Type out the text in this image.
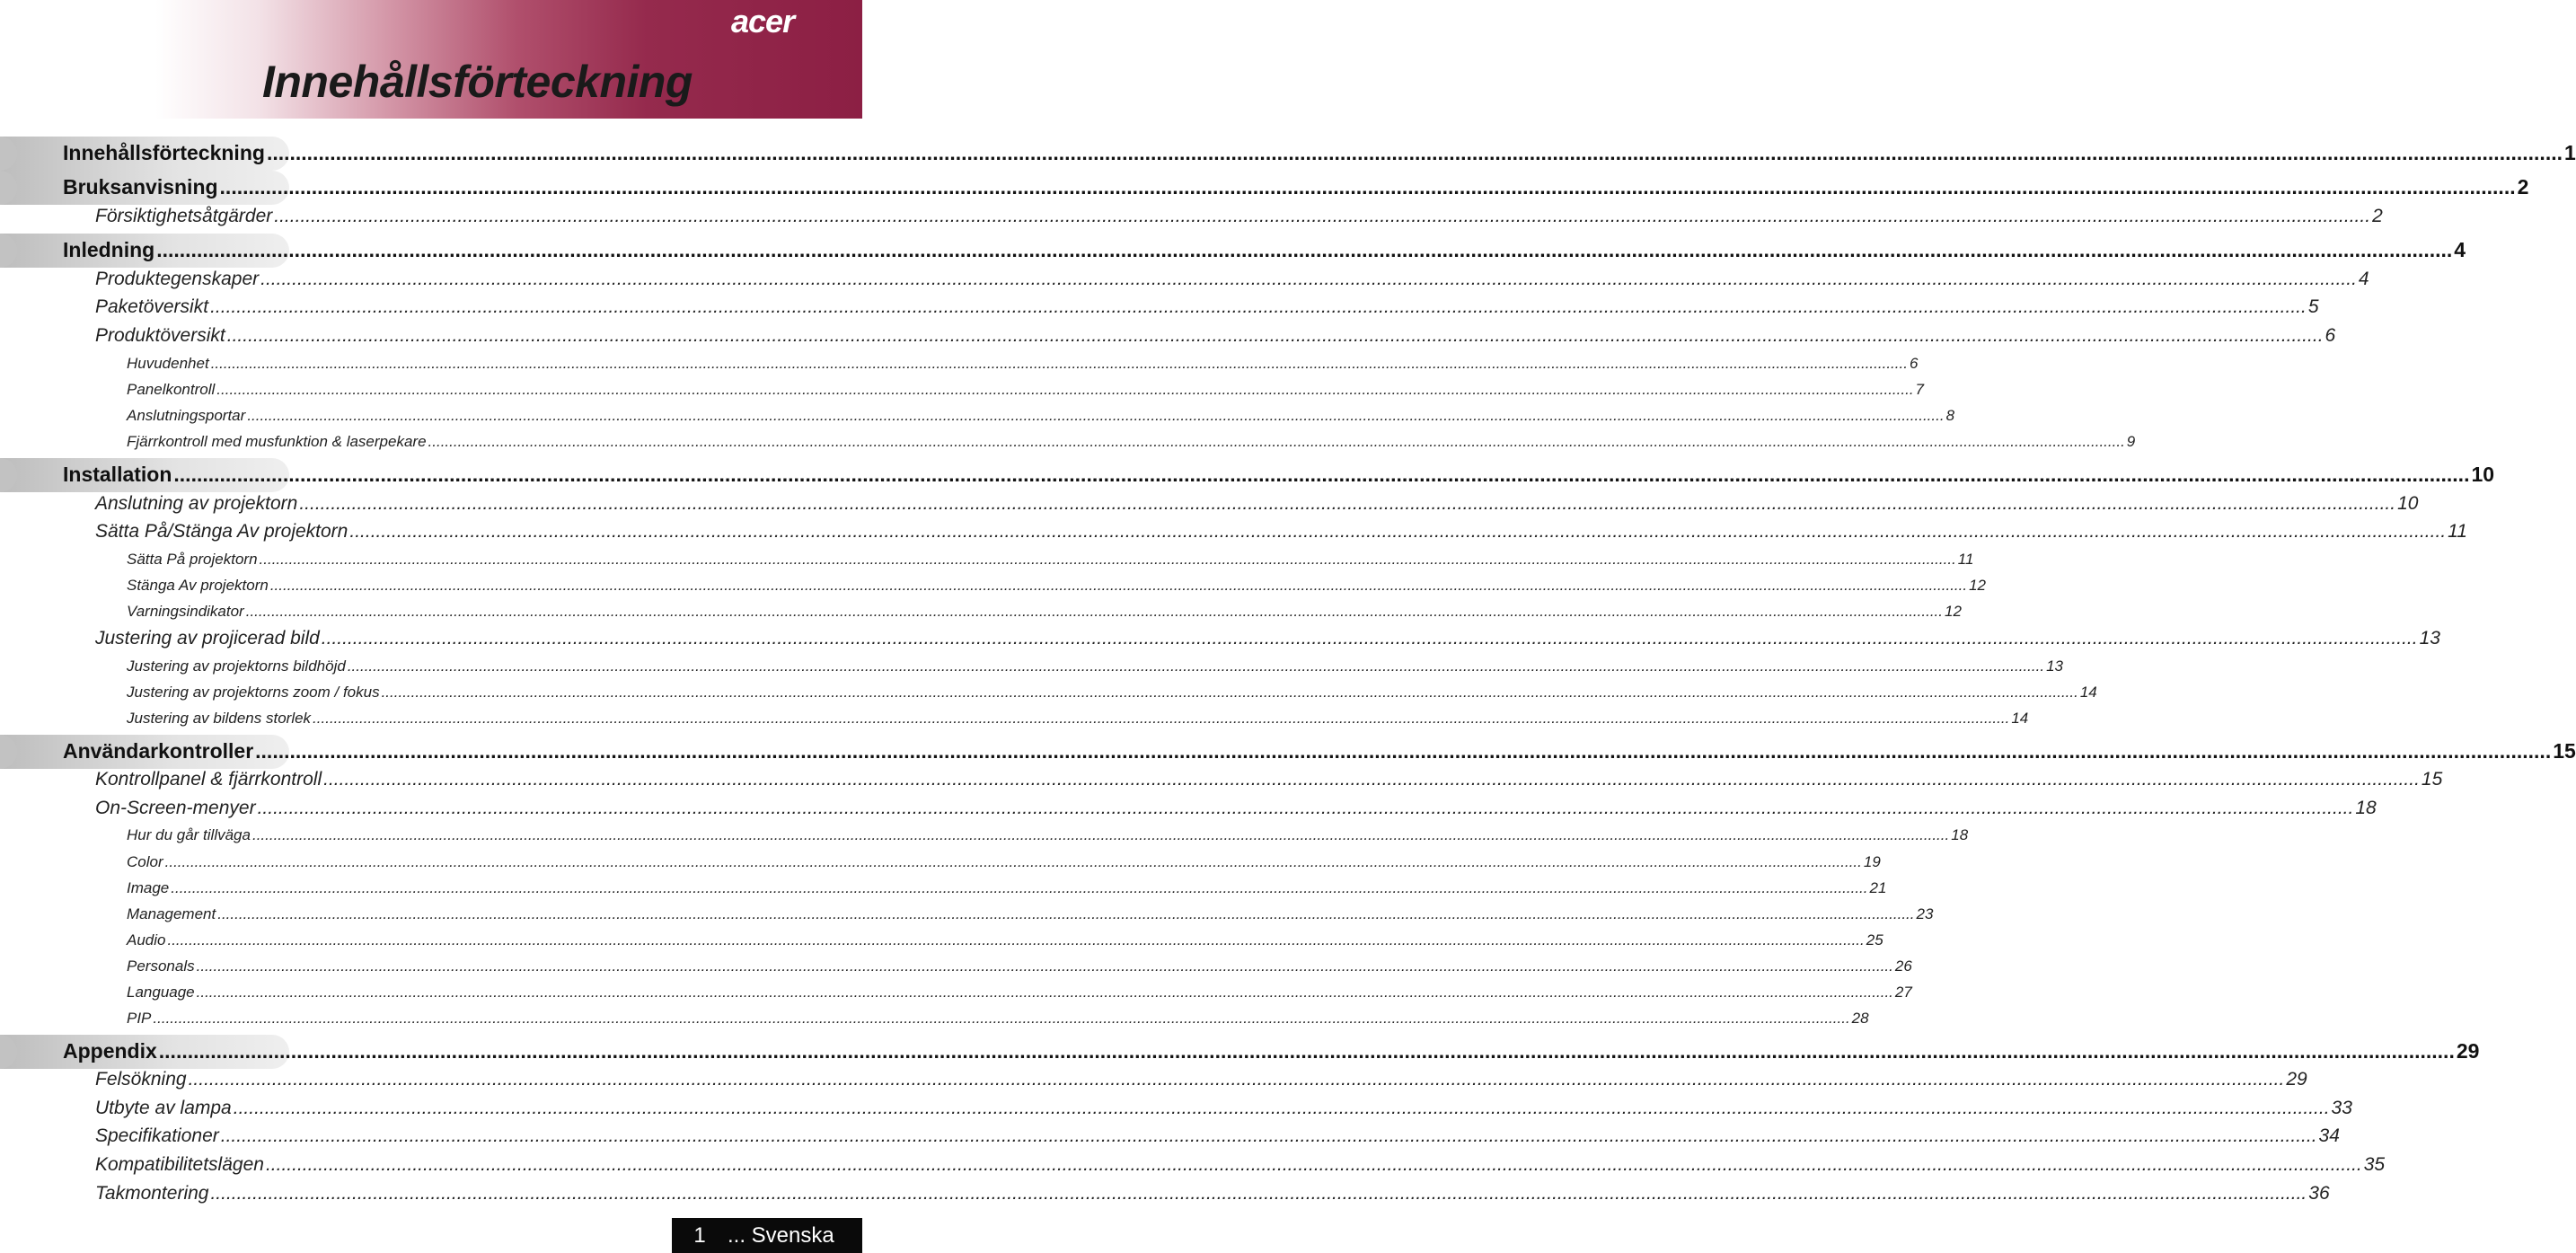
acer
Innehållsförteckning
Innehållsförteckning ................................................................................................................................................................................................................................................................................................................................................................................................................ 1
Bruksanvisning ................................................................................................................................................................................................................................................................................................................................................................................................................ 2
Försiktighetsåtgärder ................................................................................................................................................................................................................................................................................................................................................................................................................ 2
Inledning ................................................................................................................................................................................................................................................................................................................................................................................................................ 4
Produktegenskaper ................................................................................................................................................................................................................................................................................................................................................................................................................ 4
Paketöversikt ................................................................................................................................................................................................................................................................................................................................................................................................................ 5
Produktöversikt ................................................................................................................................................................................................................................................................................................................................................................................................................ 6
Huvudenhet ................................................................................................................................................................................................................................................................................................................................................................................................................ 6
Panelkontroll ................................................................................................................................................................................................................................................................................................................................................................................................................ 7
Anslutningsportar ................................................................................................................................................................................................................................................................................................................................................................................................................ 8
Fjärrkontroll med musfunktion & laserpekare ................................................................................................................................................................................................................................................................................................................................................................................................................ 9
Installation ................................................................................................................................................................................................................................................................................................................................................................................................................ 10
Anslutning av projektorn ................................................................................................................................................................................................................................................................................................................................................................................................................ 10
Sätta På/Stänga Av projektorn ................................................................................................................................................................................................................................................................................................................................................................................................................ 11
Sätta På projektorn ................................................................................................................................................................................................................................................................................................................................................................................................................ 11
Stänga Av projektorn ................................................................................................................................................................................................................................................................................................................................................................................................................ 12
Varningsindikator ................................................................................................................................................................................................................................................................................................................................................................................................................ 12
Justering av projicerad bild ................................................................................................................................................................................................................................................................................................................................................................................................................ 13
Justering av projektorns bildhöjd ................................................................................................................................................................................................................................................................................................................................................................................................................ 13
Justering av projektorns zoom / fokus ................................................................................................................................................................................................................................................................................................................................................................................................................ 14
Justering av bildens storlek ................................................................................................................................................................................................................................................................................................................................................................................................................ 14
Användarkontroller ................................................................................................................................................................................................................................................................................................................................................................................................................ 15
Kontrollpanel & fjärrkontroll ................................................................................................................................................................................................................................................................................................................................................................................................................ 15
On-Screen-menyer ................................................................................................................................................................................................................................................................................................................................................................................................................ 18
Hur du går tillväga ................................................................................................................................................................................................................................................................................................................................................................................................................ 18
Color ................................................................................................................................................................................................................................................................................................................................................................................................................ 19
Image ................................................................................................................................................................................................................................................................................................................................................................................................................ 21
Management ................................................................................................................................................................................................................................................................................................................................................................................................................ 23
Audio ................................................................................................................................................................................................................................................................................................................................................................................................................ 25
Personals ................................................................................................................................................................................................................................................................................................................................................................................................................ 26
Language ................................................................................................................................................................................................................................................................................................................................................................................................................ 27
PIP ................................................................................................................................................................................................................................................................................................................................................................................................................ 28
Appendix ................................................................................................................................................................................................................................................................................................................................................................................................................ 29
Felsökning ................................................................................................................................................................................................................................................................................................................................................................................................................ 29
Utbyte av lampa ................................................................................................................................................................................................................................................................................................................................................................................................................ 33
Specifikationer ................................................................................................................................................................................................................................................................................................................................................................................................................ 34
Kompatibilitetslägen ................................................................................................................................................................................................................................................................................................................................................................................................................ 35
Takmontering ................................................................................................................................................................................................................................................................................................................................................................................................................ 36
1	... Svenska
